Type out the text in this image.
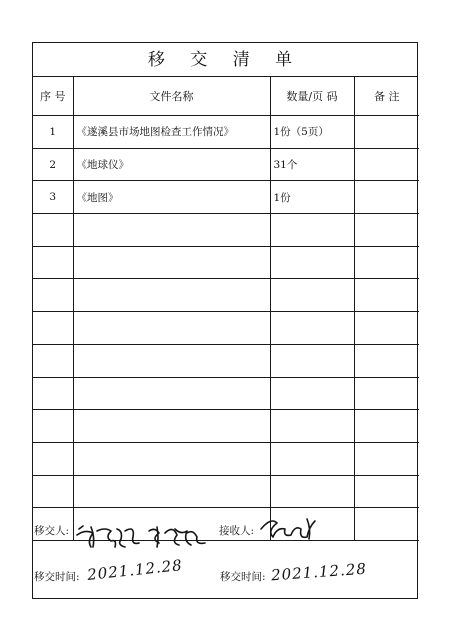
移 交 清 单
序 号	文件名称	数量/页 码	备 注
1	《遂溪县市场地图检查工作情况》	1份（5页）	
2	《地球仪》	31个	
3	《地图》	1份	

移交人:	接收人:
移交时间: 2021.12.28	移交时间: 2021.12.28
